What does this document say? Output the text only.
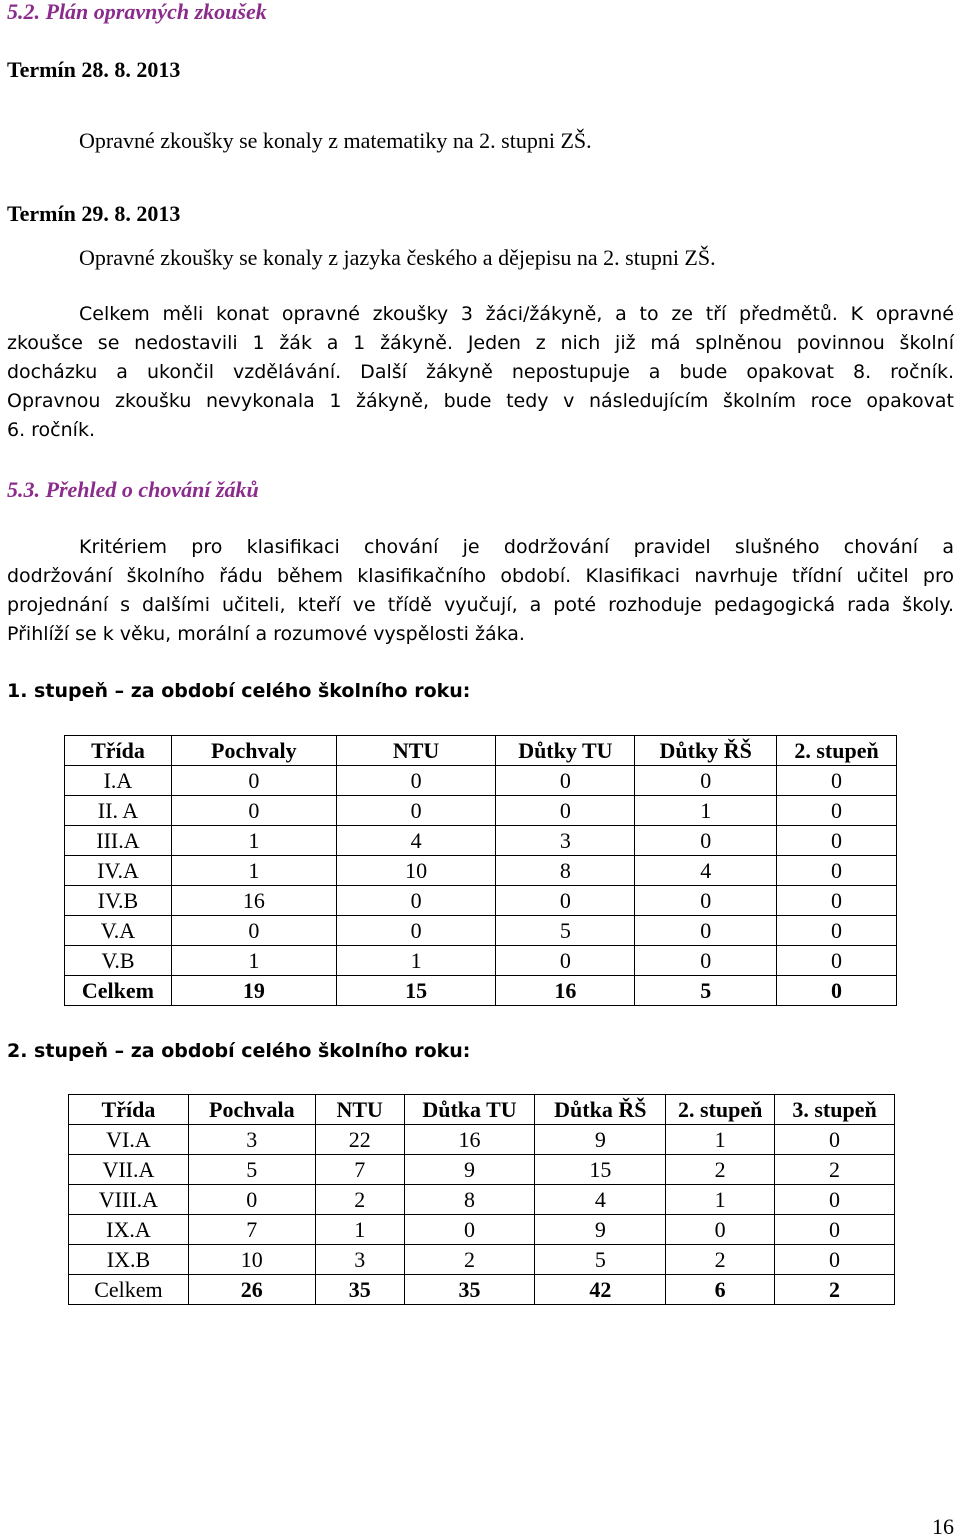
5.2. Plán opravných zkoušek
Termín 28. 8. 2013
Opravné zkoušky se konaly z matematiky na 2. stupni ZŠ.
Termín 29. 8. 2013
Opravné zkoušky se konaly z jazyka českého a dějepisu na 2. stupni ZŠ.
Celkem měli konat opravné zkoušky 3 žáci/žákyně, a to ze tří předmětů. K opravné
zkoušce se nedostavili 1 žák a 1 žákyně. Jeden z nich již má splněnou povinnou školní
docházku a ukončil vzdělávání. Další žákyně nepostupuje a bude opakovat 8. ročník.
Opravnou zkoušku nevykonala 1 žákyně, bude tedy v následujícím školním roce opakovat
6. ročník.
5.3. Přehled o chování žáků
Kritériem pro klasifikaci chování je dodržování pravidel slušného chování a
dodržování školního řádu během klasifikačního období. Klasifikaci navrhuje třídní učitel pro
projednání s dalšími učiteli, kteří ve třídě vyučují, a poté rozhoduje pedagogická rada školy.
Přihlíží se k věku, morální a rozumové vyspělosti žáka.
1. stupeň – za období celého školního roku:
Třída	Pochvaly	NTU	Důtky TU	Důtky ŘŠ	2. stupeň
I.A	0	0	0	0	0
II. A	0	0	0	1	0
III.A	1	4	3	0	0
IV.A	1	10	8	4	0
IV.B	16	0	0	0	0
V.A	0	0	5	0	0
V.B	1	1	0	0	0
Celkem	19	15	16	5	0
2. stupeň – za období celého školního roku:
Třída	Pochvala	NTU	Důtka TU	Důtka ŘŠ	2. stupeň	3. stupeň
VI.A	3	22	16	9	1	0
VII.A	5	7	9	15	2	2
VIII.A	0	2	8	4	1	0
IX.A	7	1	0	9	0	0
IX.B	10	3	2	5	2	0
Celkem	26	35	35	42	6	2
16
